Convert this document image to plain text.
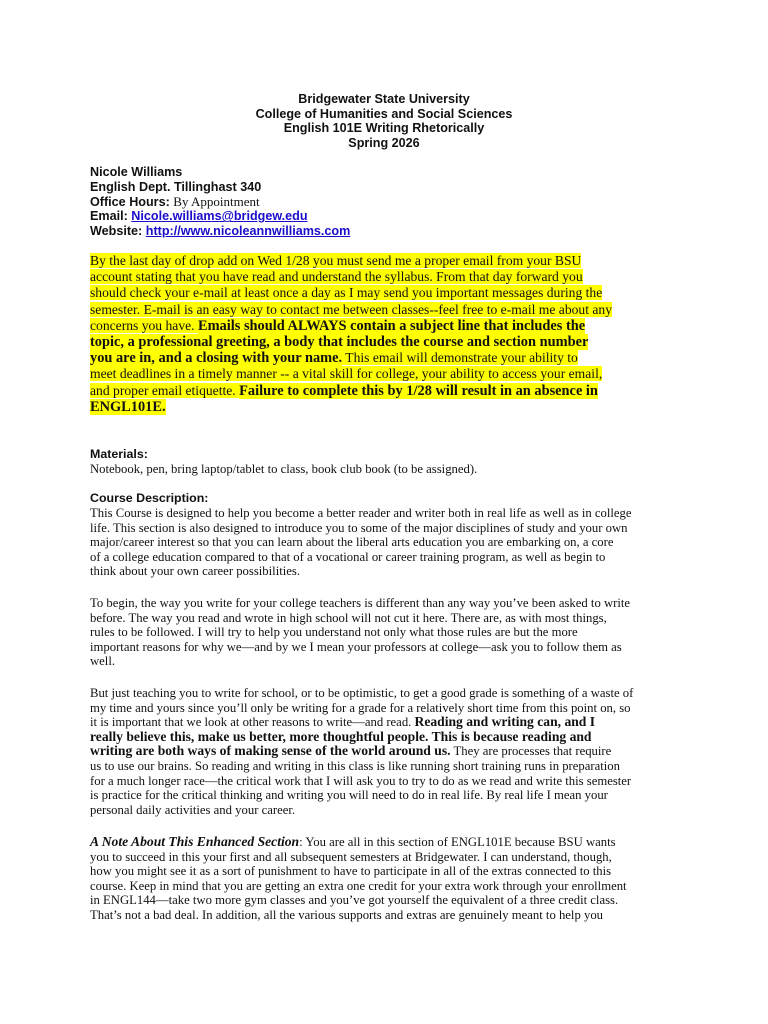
Bridgewater State University
College of Humanities and Social Sciences
English 101E Writing Rhetorically
Spring 2026
Nicole Williams
English Dept. Tillinghast 340
Office Hours: By Appointment
Email: Nicole.williams@bridgew.edu
Website: http://www.nicoleannwilliams.com
By the last day of drop add on Wed 1/28 you must send me a proper email from your BSU
account stating that you have read and understand the syllabus. From that day forward you
should check your e-mail at least once a day as I may send you important messages during the
semester. E-mail is an easy way to contact me between classes--feel free to e-mail me about any
concerns you have. Emails should ALWAYS contain a subject line that includes the
topic, a professional greeting, a body that includes the course and section number
you are in, and a closing with your name. This email will demonstrate your ability to
meet deadlines in a timely manner -- a vital skill for college, your ability to access your email,
and proper email etiquette. Failure to complete this by 1/28 will result in an absence in
ENGL101E.
Materials:
Notebook, pen, bring laptop/tablet to class, book club book (to be assigned).
Course Description:
This Course is designed to help you become a better reader and writer both in real life as well as in college
life. This section is also designed to introduce you to some of the major disciplines of study and your own
major/career interest so that you can learn about the liberal arts education you are embarking on, a core
of a college education compared to that of a vocational or career training program, as well as begin to
think about your own career possibilities.
To begin, the way you write for your college teachers is different than any way you’ve been asked to write
before. The way you read and wrote in high school will not cut it here. There are, as with most things,
rules to be followed. I will try to help you understand not only what those rules are but the more
important reasons for why we—and by we I mean your professors at college—ask you to follow them as
well.
But just teaching you to write for school, or to be optimistic, to get a good grade is something of a waste of
my time and yours since you’ll only be writing for a grade for a relatively short time from this point on, so
it is important that we look at other reasons to write—and read. Reading and writing can, and I
really believe this, make us better, more thoughtful people. This is because reading and
writing are both ways of making sense of the world around us. They are processes that require
us to use our brains. So reading and writing in this class is like running short training runs in preparation
for a much longer race—the critical work that I will ask you to try to do as we read and write this semester
is practice for the critical thinking and writing you will need to do in real life. By real life I mean your
personal daily activities and your career.
A Note About This Enhanced Section: You are all in this section of ENGL101E because BSU wants
you to succeed in this your first and all subsequent semesters at Bridgewater. I can understand, though,
how you might see it as a sort of punishment to have to participate in all of the extras connected to this
course. Keep in mind that you are getting an extra one credit for your extra work through your enrollment
in ENGL144—take two more gym classes and you’ve got yourself the equivalent of a three credit class.
That’s not a bad deal. In addition, all the various supports and extras are genuinely meant to help you
